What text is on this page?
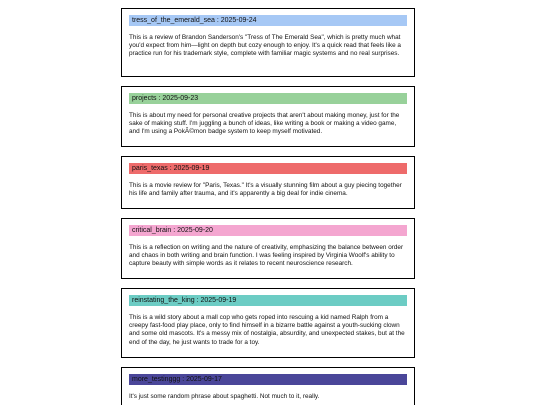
tress_of_the_emerald_sea : 2025-09-24
This is a review of Brandon Sanderson's "Tress of The Emerald Sea", which is pretty much what you'd expect from him—light on depth but cozy enough to enjoy. It's a quick read that feels like a practice run for his trademark style, complete with familiar magic systems and no real surprises.
projects : 2025-09-23
This is about my need for personal creative projects that aren't about making money, just for the sake of making stuff. I'm juggling a bunch of ideas, like writing a book or making a video game, and I'm using a PokÃ©mon badge system to keep myself motivated.
paris_texas : 2025-09-19
This is a movie review for "Paris, Texas." It's a visually stunning film about a guy piecing together his life and family after trauma, and it's apparently a big deal for indie cinema.
critical_brain : 2025-09-20
This is a reflection on writing and the nature of creativity, emphasizing the balance between order and chaos in both writing and brain function. I was feeling inspired by Virginia Woolf's ability to capture beauty with simple words as it relates to recent neuroscience research.
reinstating_the_king : 2025-09-19
This is a wild story about a mall cop who gets roped into rescuing a kid named Ralph from a creepy fast-food play place, only to find himself in a bizarre battle against a youth-sucking clown and some old mascots. It's a messy mix of nostalgia, absurdity, and unexpected stakes, but at the end of the day, he just wants to trade for a toy.
more_testinggg : 2025-09-17
It's just some random phrase about spaghetti. Not much to it, really.
